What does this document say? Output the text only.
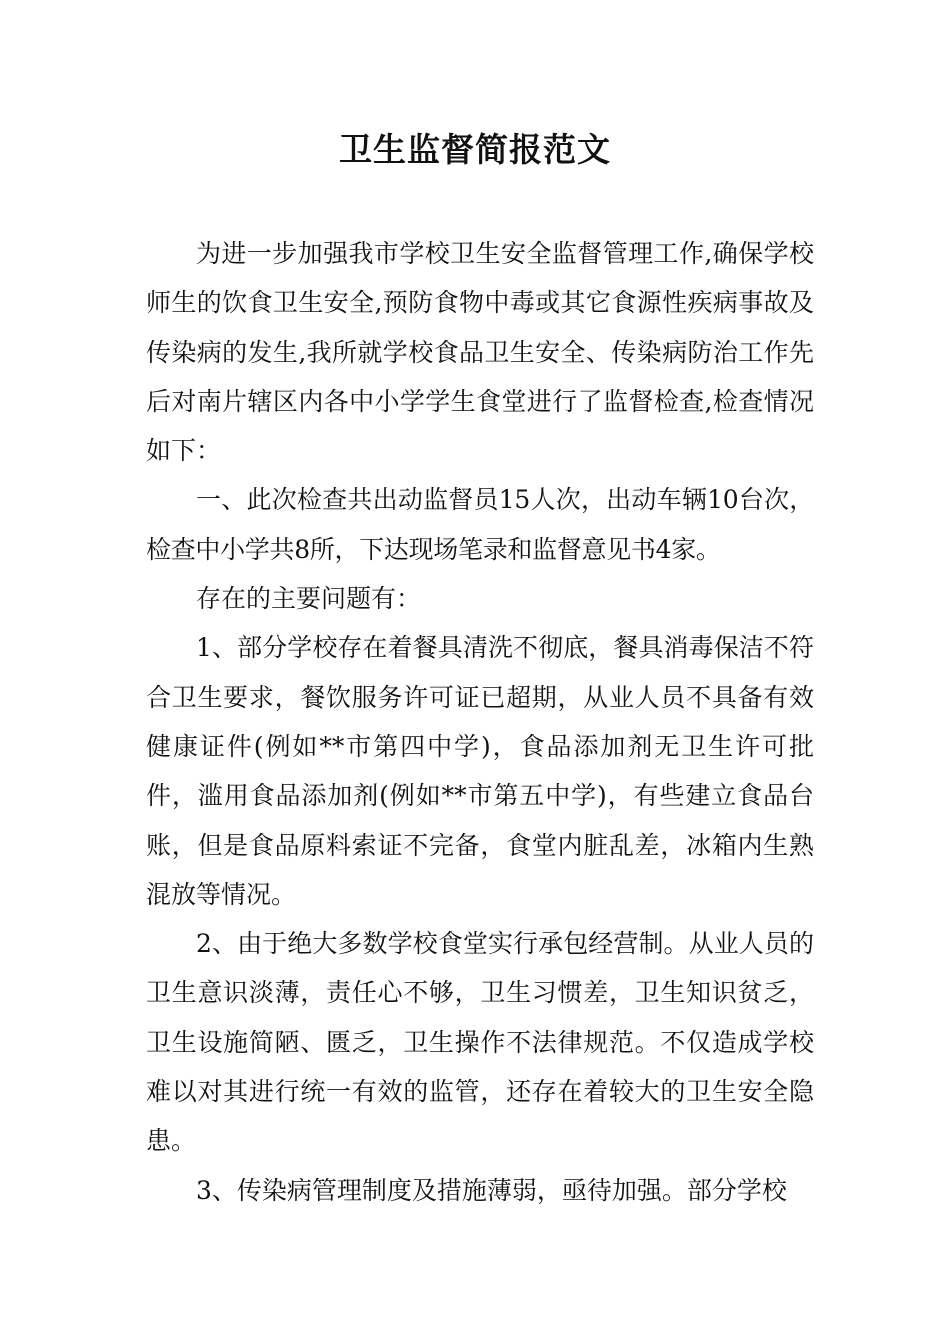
卫生监督简报范文

为进一步加强我市学校卫生安全监督管理工作,确保学校师生的饮食卫生安全,预防食物中毒或其它食源性疾病事故及传染病的发生,我所就学校食品卫生安全、传染病防治工作先后对南片辖区内各中小学学生食堂进行了监督检查,检查情况如下：

一、此次检查共出动监督员15人次，出动车辆10台次，检查中小学共8所，下达现场笔录和监督意见书4家。

存在的主要问题有：

1、部分学校存在着餐具清洗不彻底，餐具消毒保洁不符合卫生要求，餐饮服务许可证已超期，从业人员不具备有效健康证件(例如**市第四中学)，食品添加剂无卫生许可批件，滥用食品添加剂(例如**市第五中学)，有些建立食品台账，但是食品原料索证不完备，食堂内脏乱差，冰箱内生熟混放等情况。

2、由于绝大多数学校食堂实行承包经营制。从业人员的卫生意识淡薄，责任心不够，卫生习惯差，卫生知识贫乏，卫生设施简陋、匮乏，卫生操作不法律规范。不仅造成学校难以对其进行统一有效的监管，还存在着较大的卫生安全隐患。

3、传染病管理制度及措施薄弱，亟待加强。部分学校
